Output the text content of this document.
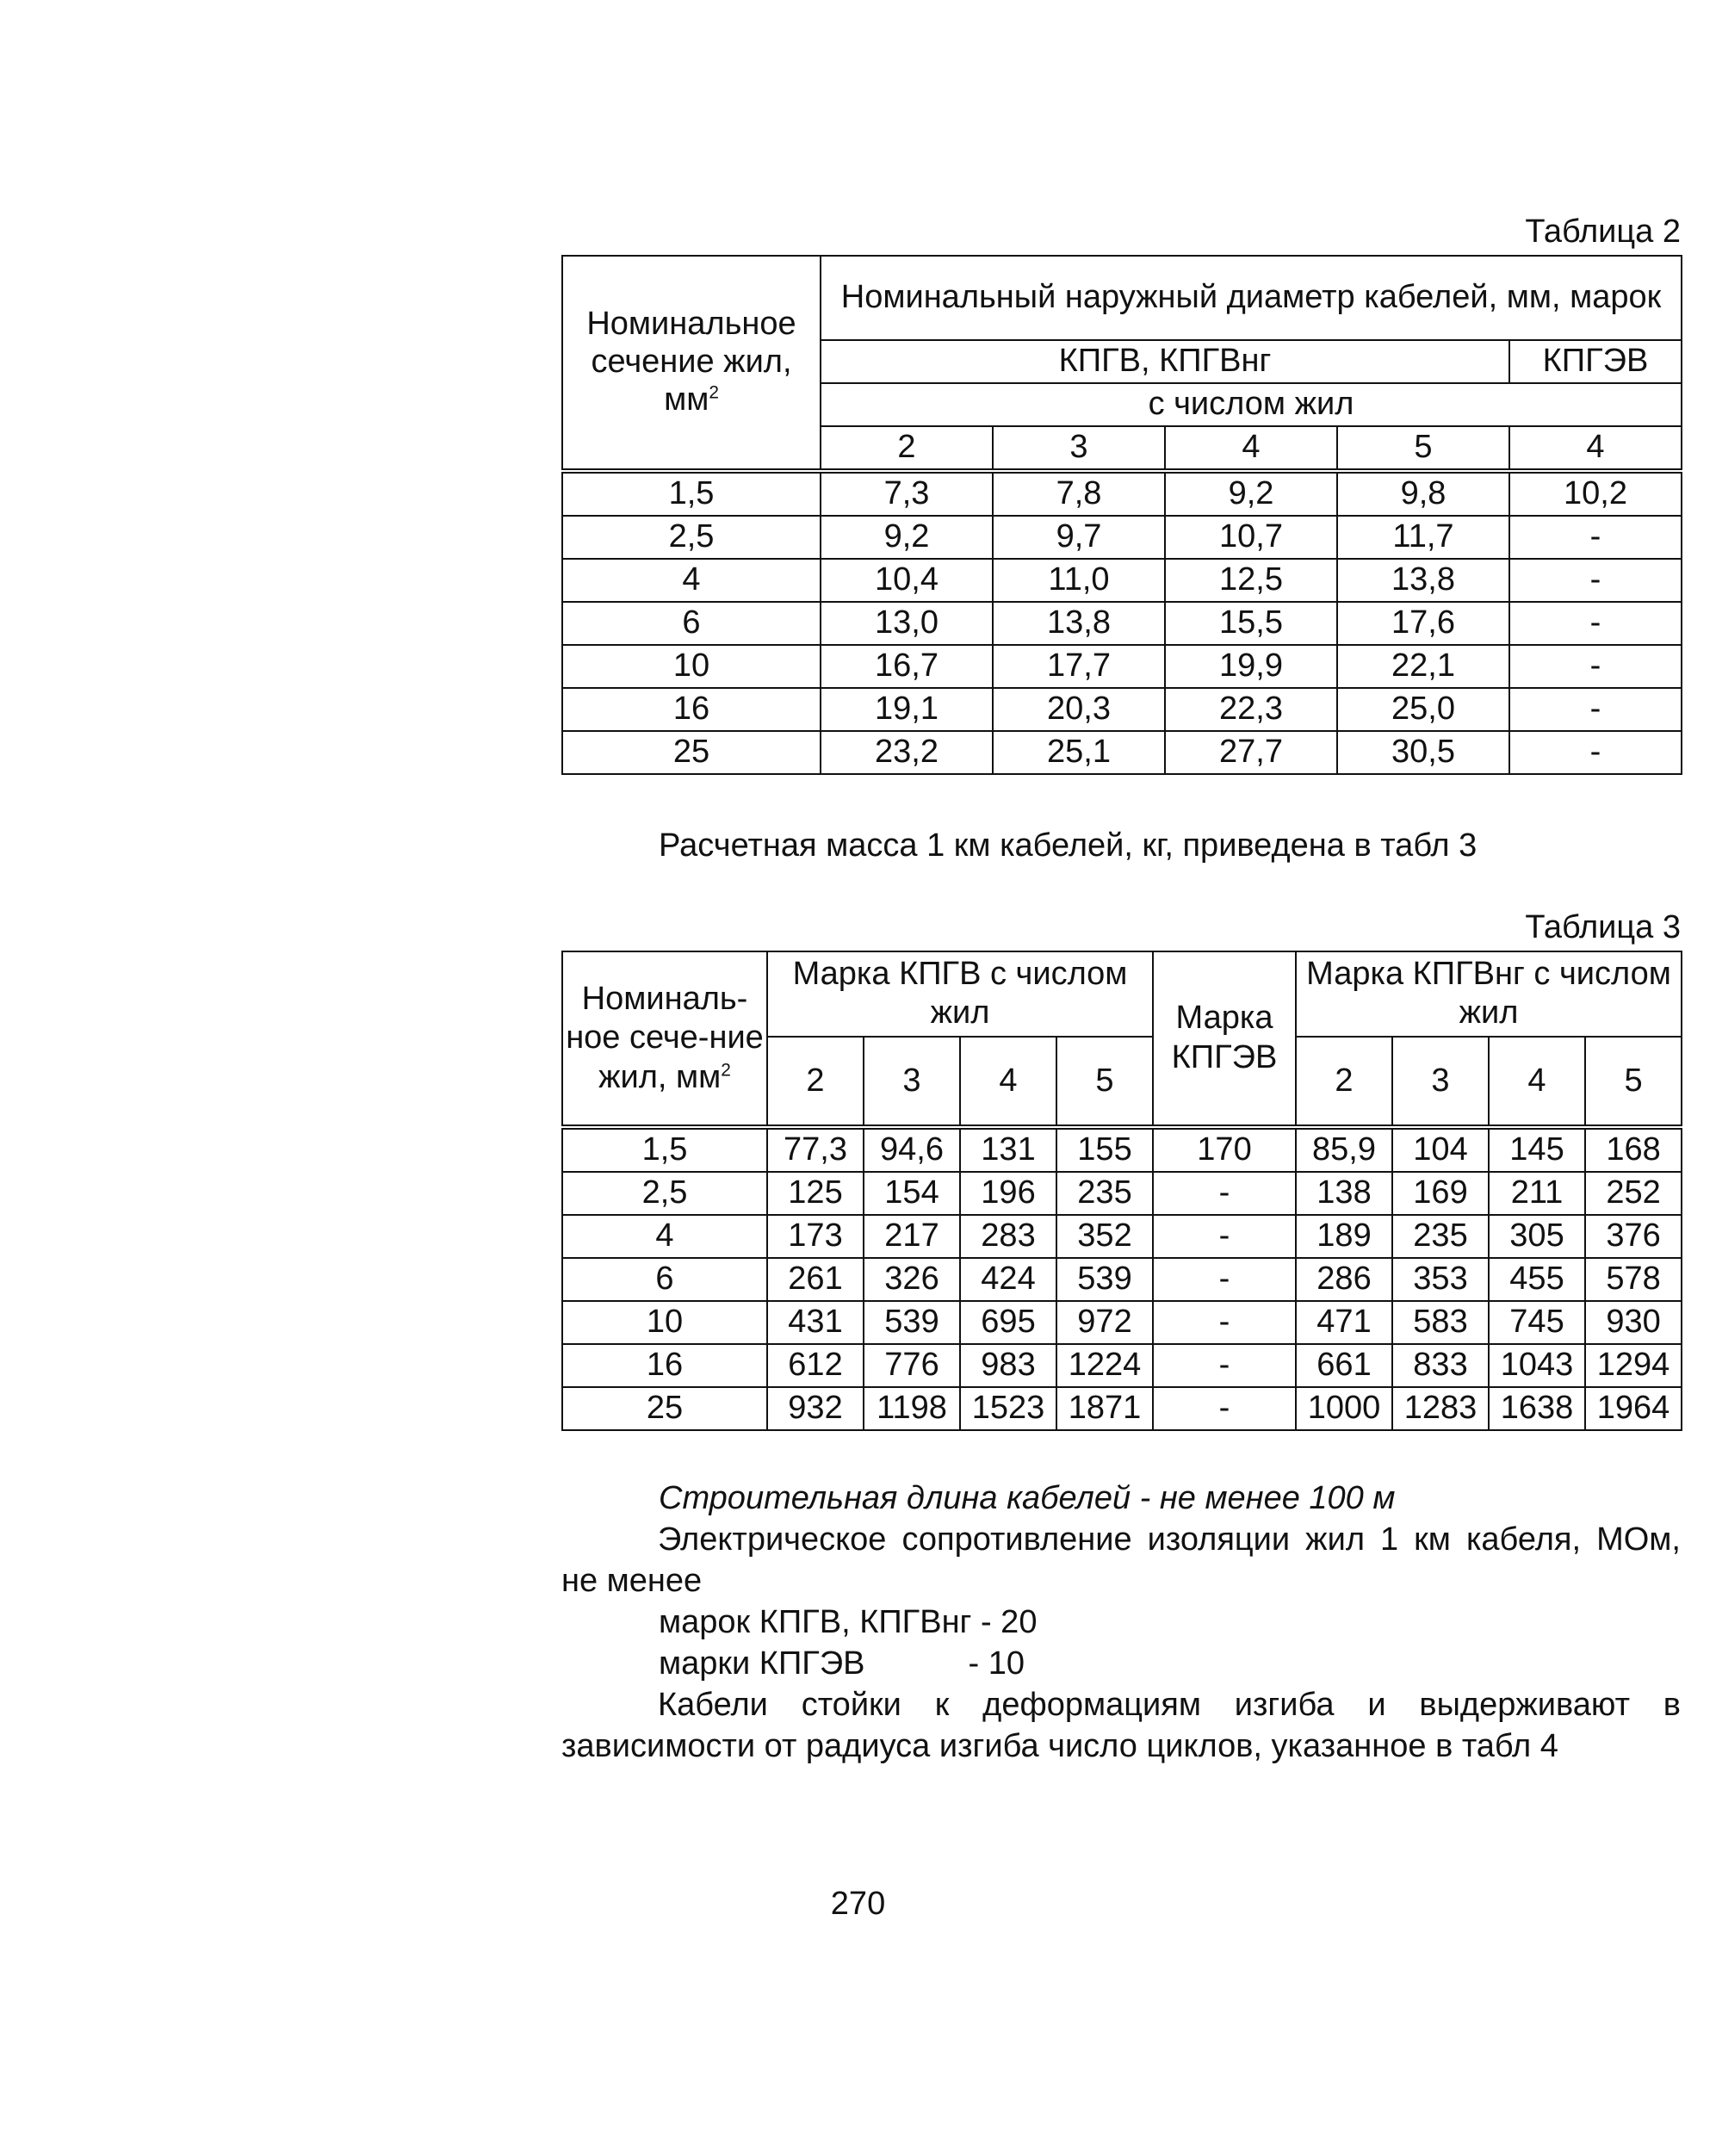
Таблица 2
Номинальное сечение жил, $мм^2$	Номинальный наружный диаметр кабелей, мм, марок				
	КПГВ, КПГВнг				КПГЭВ
	с числом жил				
	2	3	4	5	4
1,5	7,3	7,8	9,2	9,8	10,2
2,5	9,2	9,7	10,7	11,7	-
4	10,4	11,0	12,5	13,8	-
6	13,0	13,8	15,5	17,6	-
10	16,7	17,7	19,9	22,1	-
16	19,1	20,3	22,3	25,0	-
25	23,2	25,1	27,7	30,5	-
Расчетная масса 1 км кабелей, кг, приведена в табл 3
Таблица 3
Номиналь-ное сече-ние жил, $мм^2$	Марка КПГВ с числом жил				Марка КПГЭВ	Марка КПГВнг с числом жил			
	2	3	4	5		2	3	4	5
1,5	77,3	94,6	131	155	170	85,9	104	145	168
2,5	125	154	196	235	-	138	169	211	252
4	173	217	283	352	-	189	235	305	376
6	261	326	424	539	-	286	353	455	578
10	431	539	695	972	-	471	583	745	930
16	612	776	983	1224	-	661	833	1043	1294
25	932	1198	1523	1871	-	1000	1283	1638	1964
Строительная длина кабелей - не менее 100 м
Электрическое сопротивление изоляции жил 1 км кабеля, МОм, не менее
марок КПГВ, КПГВнг - 20
марки КПГЭВ	- 10
Кабели стойки к деформациям изгиба и выдерживают в зависимости от радиуса изгиба число циклов, указанное в табл 4
270
